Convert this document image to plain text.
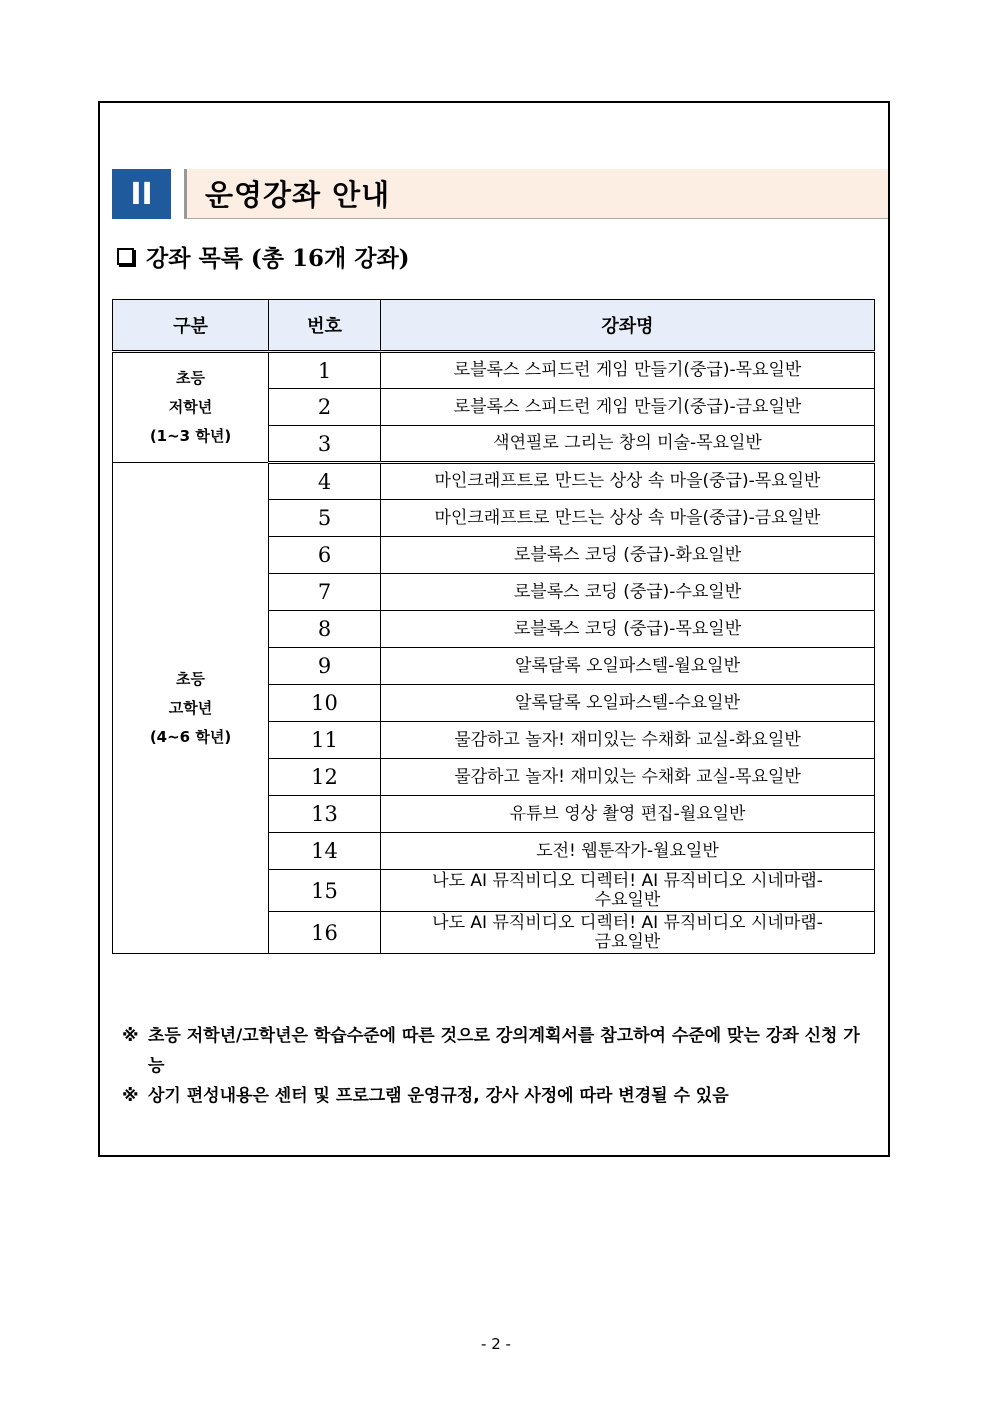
II	운영강좌 안내
강좌 목록 (총 16개 강좌)
구분	번호	강좌명

초등
저학년
(1~3 학년)	1	로블록스 스피드런 게임 만들기(중급)-목요일반
	2	로블록스 스피드런 게임 만들기(중급)-금요일반
	3	색연필로 그리는 창의 미술-목요일반

초등
고학년
(4~6 학년)	4	마인크래프트로 만드는 상상 속 마을(중급)-목요일반
	5	마인크래프트로 만드는 상상 속 마을(중급)-금요일반
	6	로블록스 코딩 (중급)-화요일반
	7	로블록스 코딩 (중급)-수요일반
	8	로블록스 코딩 (중급)-목요일반
	9	알록달록 오일파스텔-월요일반
	10	알록달록 오일파스텔-수요일반
	11	물감하고 놀자! 재미있는 수채화 교실-화요일반
	12	물감하고 놀자! 재미있는 수채화 교실-목요일반
	13	유튜브 영상 촬영 편집-월요일반
	14	도전! 웹툰작가-월요일반
	15	나도 AI 뮤직비디오 디렉터! AI 뮤직비디오 시네마랩-
수요일반

	16	나도 AI 뮤직비디오 디렉터! AI 뮤직비디오 시네마랩-
금요일반
※ 초등 저학년/고학년은 학습수준에 따른 것으로 강의계획서를 참고하여 수준에 맞는 강좌 신청 가능
※ 상기 편성내용은 센터 및 프로그램 운영규정, 강사 사정에 따라 변경될 수 있음
- 2 -
